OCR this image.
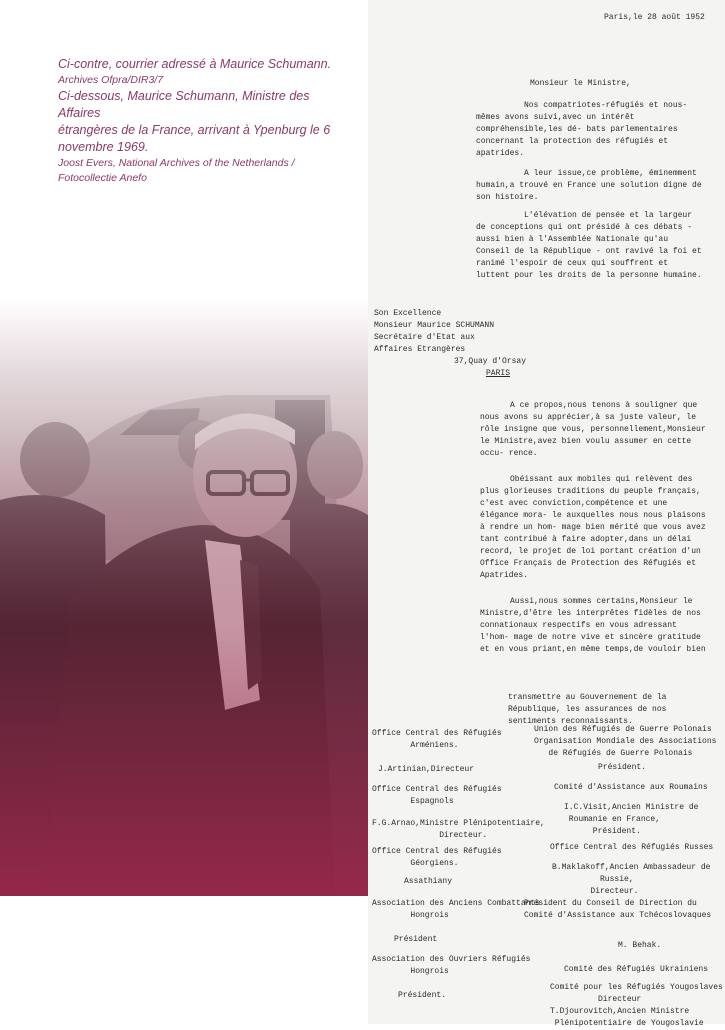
Ci-contre, courrier adressé à Maurice Schumann.
Archives Ofpra/DIR3/7
Ci-dessous, Maurice Schumann, Ministre des Affaires
étrangères de la France, arrivant à Ypenburg le 6
novembre 1969.
Joost Evers, National Archives of the Netherlands /
Fotocollectie Anefo
Paris,le 28 août 1952
Monsieur le Ministre,
Nos compatriotes-réfugiés et nous-mêmes avons suivi,avec un intérêt compréhensible,les dé- bats parlementaires concernant la protection des réfugiés et apatrides.
A leur issue,ce problème, éminemment humain,a trouvé en France une solution digne de son histoire.
L'élévation de pensée et la largeur de conceptions qui ont présidé à ces débats - aussi bien à l'Assemblée Nationale qu'au Conseil de la République - ont ravivé la foi et ranimé l'espoir de ceux qui souffrent et luttent pour les droits de la personne humaine.
Son Excellence
Monsieur Maurice SCHUMANN
Secrétaire d'Etat aux
Affaires Etrangères
37,Quay d'Orsay
PARIS
A ce propos,nous tenons à souligner que nous avons su apprécier,à sa juste valeur, le rôle insigne que vous, personnellement,Monsieur le Ministre,avez bien voulu assumer en cette occu- rence.
Obéissant aux mobiles qui relèvent des plus glorieuses traditions du peuple français, c'est avec conviction,compétence et une élégance mora- le auxquelles nous nous plaisons à rendre un hom- mage bien mérité que vous avez tant contribué à faire adopter,dans un délai record, le projet de loi portant création d'un Office Français de Protection des Réfugiés et Apatrides.
Aussi,nous sommes certains,Monsieur le Ministre,d'être les interprêtes fidèles de nos connationaux respectifs en vous adressant l'hom- mage de notre vive et sincère gratitude et en vous priant,en même temps,de vouloir bien
transmettre au Gouvernement de la République, les assurances de nos sentiments reconnaissants.
Office Central des Réfugiés
Arméniens.
J.Artinian,Directeur
Office Central des Réfugiés
Espagnols
F.G.Arnao,Ministre Plénipotentiaire,
Directeur.
Office Central des Réfugiés
Géorgiens.
Assathiany
Association des Anciens Combattants
Hongrois
Président
Association des Ouvriers Réfugiés
Hongrois
Président.
Union des Réfugiés de Guerre Polonais
Organisation Mondiale des Associations
de Réfugiés de Guerre Polonais
Président.
Comité d'Assistance aux Roumains
I.C.Visit,Ancien Ministre de
Roumanie en France,
Président.
Office Central des Réfugiés Russes
B.Maklakoff,Ancien Ambassadeur de
Russie,
Directeur.
Président du Conseil de Direction du
Comité d'Assistance aux Tchécoslovaques
M. Behak.
Comité des Réfugiés Ukrainiens
Comité pour les Réfugiés Yougoslaves
Directeur
T.Djourovitch,Ancien Ministre
Plénipotentiaire de Yougoslavie
